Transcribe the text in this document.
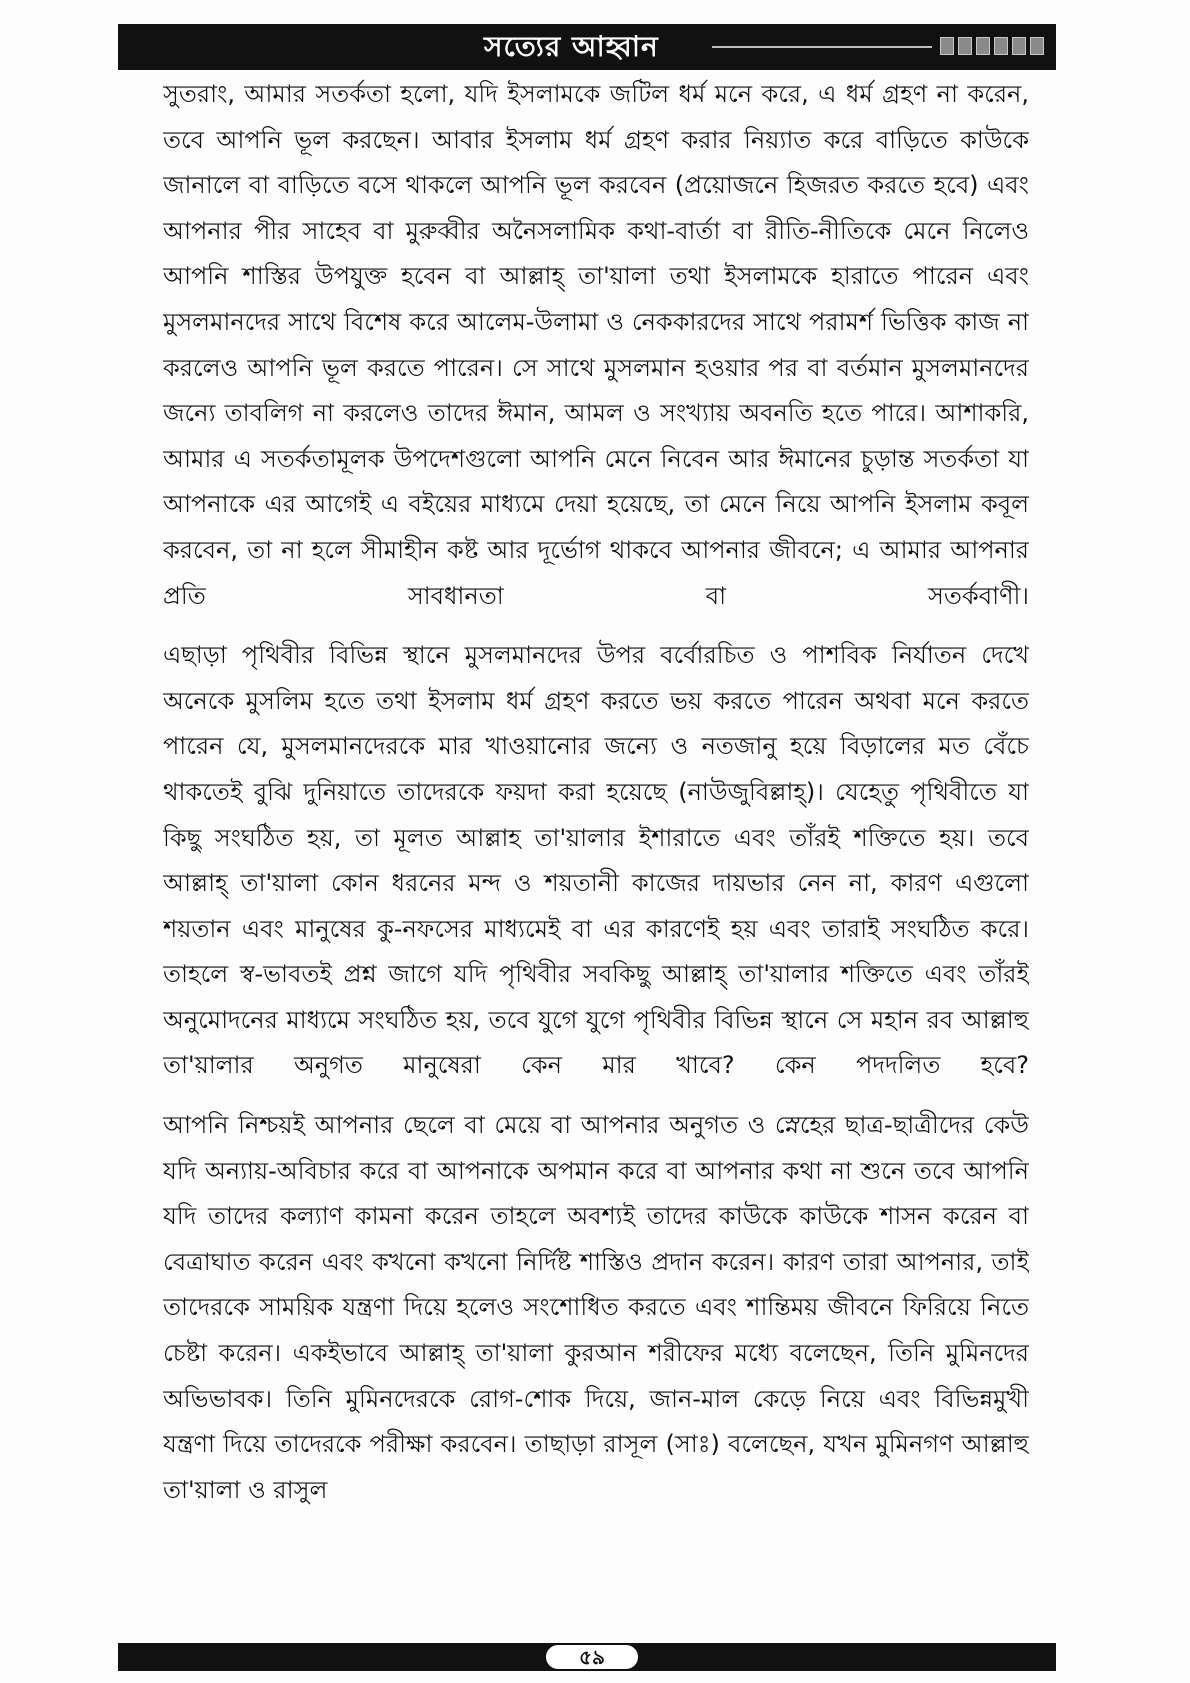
সত্যের আহ্বান

সুতরাং, আমার সতর্কতা হলো, যদি ইসলামকে জটিল ধর্ম মনে করে, এ ধর্ম গ্রহণ না করেন, তবে আপনি ভূল করছেন। আবার ইসলাম ধর্ম গ্রহণ করার নিয়্যাত করে বাড়িতে কাউকে জানালে বা বাড়িতে বসে থাকলে আপনি ভূল করবেন (প্রয়োজনে হিজরত করতে হবে) এবং আপনার পীর সাহেব বা মুরুব্বীর অনৈসলামিক কথা-বার্তা বা রীতি-নীতিকে মেনে নিলেও আপনি শাস্তির উপযুক্ত হবেন বা আল্লাহ্ তা'য়ালা তথা ইসলামকে হারাতে পারেন এবং মুসলমানদের সাথে বিশেষ করে আলেম-উলামা ও নেককারদের সাথে পরামর্শ ভিত্তিক কাজ না করলেও আপনি ভূল করতে পারেন। সে সাথে মুসলমান হওয়ার পর বা বর্তমান মুসলমানদের জন্যে তাবলিগ না করলেও তাদের ঈমান, আমল ও সংখ্যায় অবনতি হতে পারে। আশাকরি, আমার এ সতর্কতামূলক উপদেশগুলো আপনি মেনে নিবেন আর ঈমানের চুড়ান্ত সতর্কতা যা আপনাকে এর আগেই এ বইয়ের মাধ্যমে দেয়া হয়েছে, তা মেনে নিয়ে আপনি ইসলাম কবূল করবেন, তা না হলে সীমাহীন কষ্ট আর দূর্ভোগ থাকবে আপনার জীবনে; এ আমার আপনার প্রতি সাবধানতা বা সতর্কবাণী।

এছাড়া পৃথিবীর বিভিন্ন স্থানে মুসলমানদের উপর বর্বোরচিত ও পাশবিক নির্যাতন দেখে অনেকে মুসলিম হতে তথা ইসলাম ধর্ম গ্রহণ করতে ভয় করতে পারেন অথবা মনে করতে পারেন যে, মুসলমানদেরকে মার খাওয়ানোর জন্যে ও নতজানু হয়ে বিড়ালের মত বেঁচে থাকতেই বুঝি দুনিয়াতে তাদেরকে ফয়দা করা হয়েছে (নাউজুবিল্লাহ্)। যেহেতু পৃথিবীতে যা কিছু সংঘঠিত হয়, তা মূলত আল্লাহ তা'য়ালার ইশারাতে এবং তাঁরই শক্তিতে হয়। তবে আল্লাহ্ তা'য়ালা কোন ধরনের মন্দ ও শয়তানী কাজের দায়ভার নেন না, কারণ এগুলো শয়তান এবং মানুষের কু-নফসের মাধ্যমেই বা এর কারণেই হয় এবং তারাই সংঘঠিত করে। তাহলে স্ব-ভাবতই প্রশ্ন জাগে যদি পৃথিবীর সবকিছু আল্লাহ্ তা'য়ালার শক্তিতে এবং তাঁরই অনুমোদনের মাধ্যমে সংঘঠিত হয়, তবে যুগে যুগে পৃথিবীর বিভিন্ন স্থানে সে মহান রব আল্লাহু তা'য়ালার অনুগত মানুষেরা কেন মার খাবে? কেন পদদলিত হবে?

আপনি নিশ্চয়ই আপনার ছেলে বা মেয়ে বা আপনার অনুগত ও স্নেহের ছাত্র-ছাত্রীদের কেউ যদি অন্যায়-অবিচার করে বা আপনাকে অপমান করে বা আপনার কথা না শুনে তবে আপনি যদি তাদের কল্যাণ কামনা করেন তাহলে অবশ্যই তাদের কাউকে কাউকে শাসন করেন বা বেত্রাঘাত করেন এবং কখনো কখনো নির্দিষ্ট শাস্তিও প্রদান করেন। কারণ তারা আপনার, তাই তাদেরকে সাময়িক যন্ত্রণা দিয়ে হলেও সংশোধিত করতে এবং শান্তিময় জীবনে ফিরিয়ে নিতে চেষ্টা করেন। একইভাবে আল্লাহ্ তা'য়ালা কুরআন শরীফের মধ্যে বলেছেন, তিনি মুমিনদের অভিভাবক। তিনি মুমিনদেরকে রোগ-শোক দিয়ে, জান-মাল কেড়ে নিয়ে এবং বিভিন্নমুখী যন্ত্রণা দিয়ে তাদেরকে পরীক্ষা করবেন। তাছাড়া রাসূল (সাঃ) বলেছেন, যখন মুমিনগণ আল্লাহু তা'য়ালা ও রাসুল

৫৯
